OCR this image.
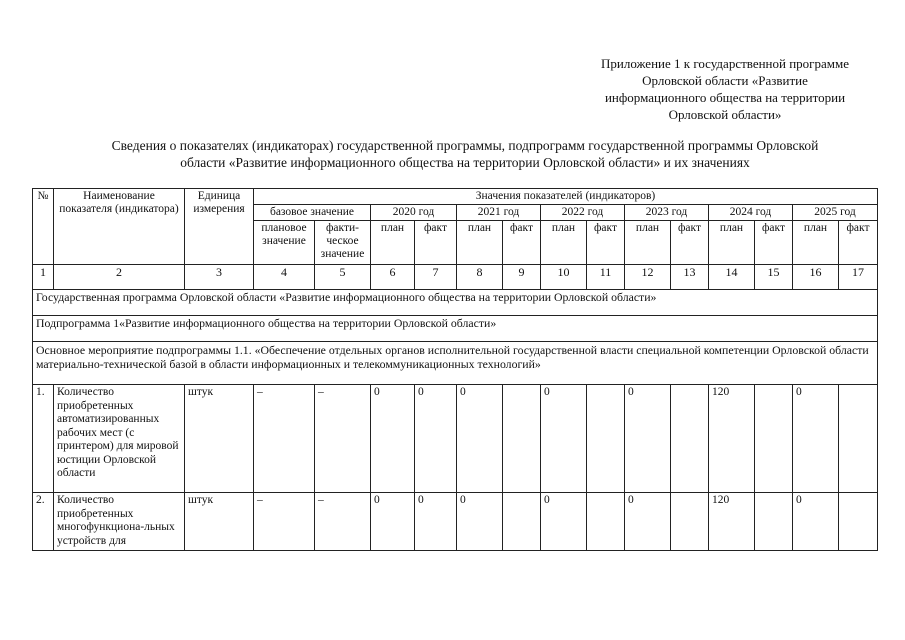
Приложение 1 к государственной программе
Орловской области «Развитие
информационного общества на территории
Орловской области»
Сведения о показателях (индикаторах) государственной программы, подпрограмм государственной программы Орловской
области «Развитие информационного общества на территории Орловской области» и их значениях
№	Наименование показателя (индикатора)	Единица измерения	Значения показателей (индикаторов)													
			базовое значение		2020 год		2021 год		2022 год		2023 год		2024 год		2025 год	
			плановое значение	факти-ческое значение	план	факт	план	факт	план	факт	план	факт	план	факт	план	факт
1	2	3	4	5	6	7	8	9	10	11	12	13	14	15	16	17
Государственная программа Орловской области «Развитие информационного общества на территории Орловской области»																
Подпрограмма 1«Развитие информационного общества на территории Орловской области»																
Основное мероприятие подпрограммы 1.1. «Обеспечение отдельных органов исполнительной государственной власти специальной компетенции Орловской области материально-технической базой в области информационных и телекоммуникационных технологий»																
1.	Количество приобретенных автоматизированных рабочих мест (с принтером) для мировой юстиции Орловской области	штук	–	–	0	0	0		0		0		120		0	
2.	Количество приобретенных многофункциона-льных устройств для	штук	–	–	0	0	0		0		0		120		0	
